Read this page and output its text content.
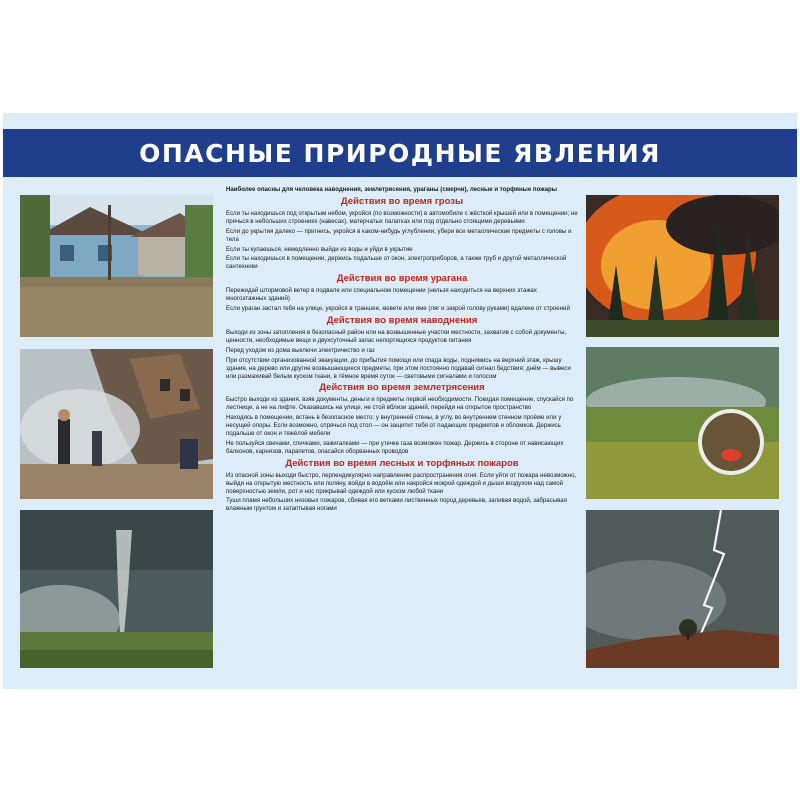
ОПАСНЫЕ ПРИРОДНЫЕ ЯВЛЕНИЯ

Наиболее опасны для человека наводнения, землетрясения, ураганы (смерчи), лесные и торфяные пожары

Действия во время грозы

Если ты находишься под открытым небом, укройся (по возможности) в автомобиле с жёсткой крышей или в помещении; не прячься в небольших строениях (навесах), матерчатых палатках или под отдельно стоящими деревьями

Если до укрытия далеко — пригнись, укройся в каком-нибудь углублении, убери все металлические предметы с головы и тела

Если ты купаешься, немедленно выйди из воды и уйди в укрытие

Если ты находишься в помещении, держись подальше от окон, электроприборов, а также труб и другой металлической сантехники

Действия во время урагана

Пережидай штормовой ветер в подвале или специальном помещении (нельзя находиться на верхних этажах многоэтажных зданий)

Если ураган застал тебя на улице, укройся в траншее, кювете или яме (ляг и закрой голову руками) вдалеке от строений

Действия во время наводнения

Выходи из зоны затопления в безопасный район или на возвышенные участки местности, захватив с собой документы, ценности, необходимые вещи и двухсуточный запас непортящихся продуктов питания

Перед уходом из дома выключи электричество и газ

При отсутствии организованной эвакуации, до прибытия помощи или спада воды, поднимись на верхний этаж, крышу здания, на дерево или другие возвышающиеся предметы, при этом постоянно подавай сигнал бедствия: днём — вывеси или размахивай белым куском ткани, в тёмное время суток — световыми сигналами и голосом

Действия во время землетрясения

Быстро выходи из здания, взяв документы, деньги и предметы первой необходимости. Покидая помещение, спускайся по лестнице, а не на лифте. Оказавшись на улице, не стой вблизи зданий, перейди на открытое пространство

Находясь в помещении, встань в безопасное место: у внутренней стены, в углу, во внутреннем стенном проёме или у несущей опоры. Если возможно, спрячься под стол — он защитит тебя от падающих предметов и обломков. Держись подальше от окон и тяжёлой мебели

Не пользуйся свечами, спичками, зажигалками — при утечке газа возможен пожар. Держись в стороне от нависающих балконов, карнизов, парапетов, опасайся оборванных проводов

Действия во время лесных и торфяных пожаров

Из опасной зоны выходи быстро, перпендикулярно направлению распространения огня. Если уйти от пожара невозможно, выйди на открытую местность или поляну, войди в водоём или накройся мокрой одеждой и дыши воздухом над самой поверхностью земли, рот и нос прикрывай одеждой или куском любой ткани

Туши пламя небольших низовых пожаров, сбивая его ветками лиственных пород деревьев, заливая водой, забрасывая влажным грунтом и затаптывая ногами
